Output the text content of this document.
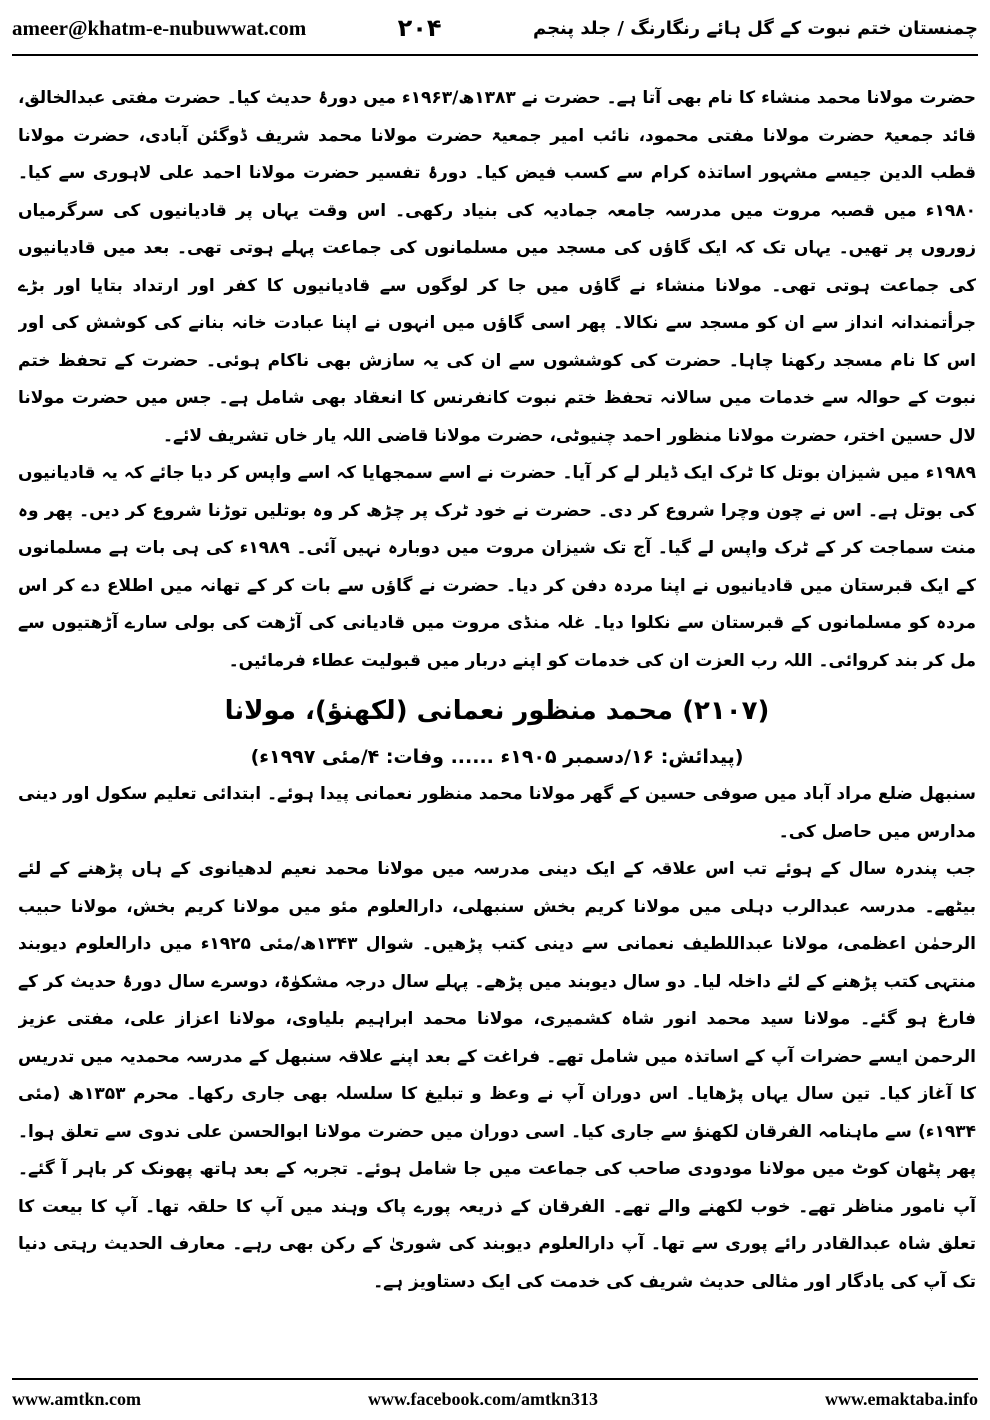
ameer@khatm-e-nubuwwat.com	۲۰۴	چمنستان ختم نبوت کے گل ہائے رنگارنگ / جلد پنجم

حضرت مولانا محمد منشاء کا نام بھی آتا ہے۔ حضرت نے ۱۳۸۳ھ/۱۹۶۳ء میں دورۂ حدیث کیا۔ حضرت مفتی عبدالخالق، قائد جمعیۃ حضرت مولانا مفتی محمود، نائب امیر جمعیۃ حضرت مولانا محمد شریف ڈوگئن آبادی، حضرت مولانا قطب الدین جیسے مشہور اساتذہ کرام سے کسب فیض کیا۔ دورۂ تفسیر حضرت مولانا احمد علی لاہوری سے کیا۔ ۱۹۸۰ء میں قصبہ مروت میں مدرسہ جامعہ جمادیہ کی بنیاد رکھی۔ اس وقت یہاں پر قادیانیوں کی سرگرمیاں زوروں پر تھیں۔ یہاں تک کہ ایک گاؤں کی مسجد میں مسلمانوں کی جماعت پہلے ہوتی تھی۔ بعد میں قادیانیوں کی جماعت ہوتی تھی۔ مولانا منشاء نے گاؤں میں جا کر لوگوں سے قادیانیوں کا کفر اور ارتداد بتایا اور بڑے جرأتمندانہ انداز سے ان کو مسجد سے نکالا۔ پھر اسی گاؤں میں انہوں نے اپنا عبادت خانہ بنانے کی کوشش کی اور اس کا نام مسجد رکھنا چاہا۔ حضرت کی کوششوں سے ان کی یہ سازش بھی ناکام ہوئی۔ حضرت کے تحفظ ختم نبوت کے حوالہ سے خدمات میں سالانہ تحفظ ختم نبوت کانفرنس کا انعقاد بھی شامل ہے۔ جس میں حضرت مولانا لال حسین اختر، حضرت مولانا منظور احمد چنیوٹی، حضرت مولانا قاضی اللہ یار خاں تشریف لائے۔

۱۹۸۹ء میں شیزان بوتل کا ٹرک ایک ڈیلر لے کر آیا۔ حضرت نے اسے سمجھایا کہ اسے واپس کر دیا جائے کہ یہ قادیانیوں کی بوتل ہے۔ اس نے چون وچرا شروع کر دی۔ حضرت نے خود ٹرک پر چڑھ کر وہ بوتلیں توڑنا شروع کر دیں۔ پھر وہ منت سماجت کر کے ٹرک واپس لے گیا۔ آج تک شیزان مروت میں دوبارہ نہیں آئی۔ ۱۹۸۹ء کی ہی بات ہے مسلمانوں کے ایک قبرستان میں قادیانیوں نے اپنا مردہ دفن کر دیا۔ حضرت نے گاؤں سے بات کر کے تھانہ میں اطلاع دے کر اس مردہ کو مسلمانوں کے قبرستان سے نکلوا دیا۔ غلہ منڈی مروت میں قادیانی کی آڑھت کی بولی سارے آڑھتیوں سے مل کر بند کروائی۔ اللہ رب العزت ان کی خدمات کو اپنے دربار میں قبولیت عطاء فرمائیں۔

(۲۱۰۷) محمد منظور نعمانی (لکھنؤ)، مولانا
(پیدائش: ۱۶/دسمبر ۱۹۰۵ء ...... وفات: ۴/مئی ۱۹۹۷ء)

سنبھل ضلع مراد آباد میں صوفی حسین کے گھر مولانا محمد منظور نعمانی پیدا ہوئے۔ ابتدائی تعلیم سکول اور دینی مدارس میں حاصل کی۔

جب پندرہ سال کے ہوئے تب اس علاقہ کے ایک دینی مدرسہ میں مولانا محمد نعیم لدھیانوی کے ہاں پڑھنے کے لئے بیٹھے۔ مدرسہ عبدالرب دہلی میں مولانا کریم بخش سنبھلی، دارالعلوم مئو میں مولانا کریم بخش، مولانا حبیب الرحمٰن اعظمی، مولانا عبداللطیف نعمانی سے دینی کتب پڑھیں۔ شوال ۱۳۴۳ھ/مئی ۱۹۲۵ء میں دارالعلوم دیوبند منتہی کتب پڑھنے کے لئے داخلہ لیا۔ دو سال دیوبند میں پڑھے۔ پہلے سال درجہ مشکوٰۃ، دوسرے سال دورۂ حدیث کر کے فارغ ہو گئے۔ مولانا سید محمد انور شاہ کشمیری، مولانا محمد ابراہیم بلیاوی، مولانا اعزاز علی، مفتی عزیز الرحمن ایسے حضرات آپ کے اساتذہ میں شامل تھے۔ فراغت کے بعد اپنے علاقہ سنبھل کے مدرسہ محمدیہ میں تدریس کا آغاز کیا۔ تین سال یہاں پڑھایا۔ اس دوران آپ نے وعظ و تبلیغ کا سلسلہ بھی جاری رکھا۔ محرم ۱۳۵۳ھ (مئی ۱۹۳۴ء) سے ماہنامہ الفرقان لکھنؤ سے جاری کیا۔ اسی دوران میں حضرت مولانا ابوالحسن علی ندوی سے تعلق ہوا۔ پھر پٹھان کوٹ میں مولانا مودودی صاحب کی جماعت میں جا شامل ہوئے۔ تجربہ کے بعد ہاتھ پھونک کر باہر آ گئے۔ آپ نامور مناظر تھے۔ خوب لکھنے والے تھے۔ الفرقان کے ذریعہ پورے پاک وہند میں آپ کا حلقہ تھا۔ آپ کا بیعت کا تعلق شاہ عبدالقادر رائے پوری سے تھا۔ آپ دارالعلوم دیوبند کی شوریٰ کے رکن بھی رہے۔ معارف الحدیث رہتی دنیا تک آپ کی یادگار اور مثالی حدیث شریف کی خدمت کی ایک دستاویز ہے۔

www.amtkn.com	www.facebook.com/amtkn313	www.emaktaba.info
